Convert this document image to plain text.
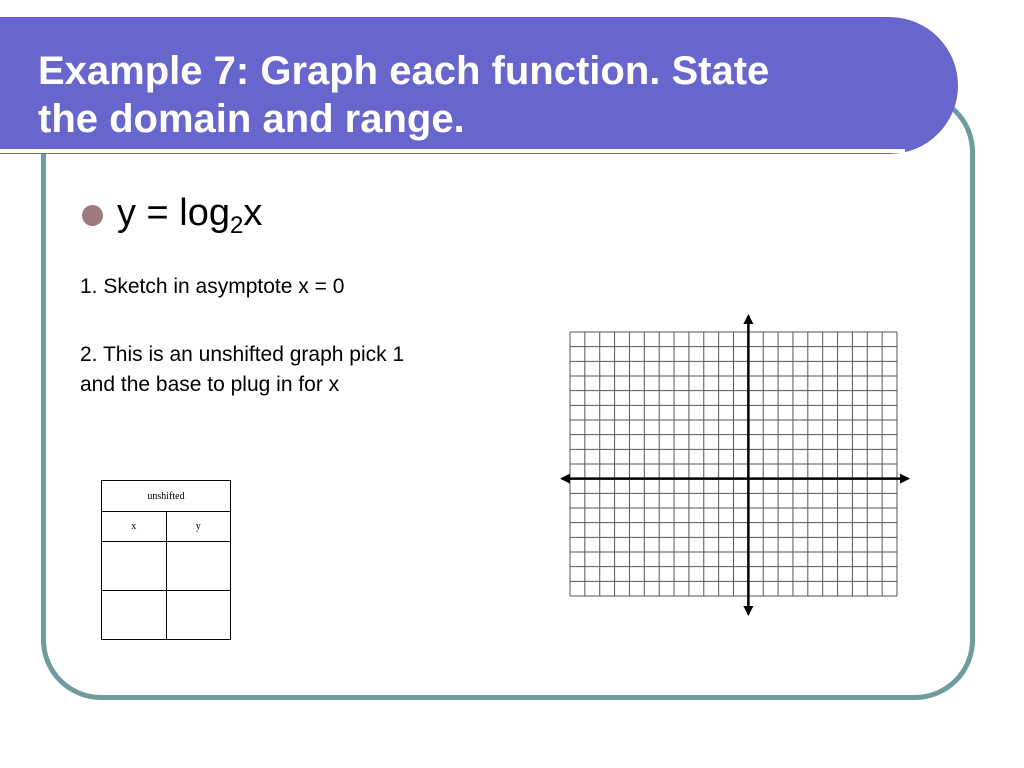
Example 7: Graph each function. State
the domain and range.
$y = \log_2x$

1. Sketch in asymptote x = 0

2. This is an unshifted graph pick 1 and the base to plug in for x

unshifted	
x	y
